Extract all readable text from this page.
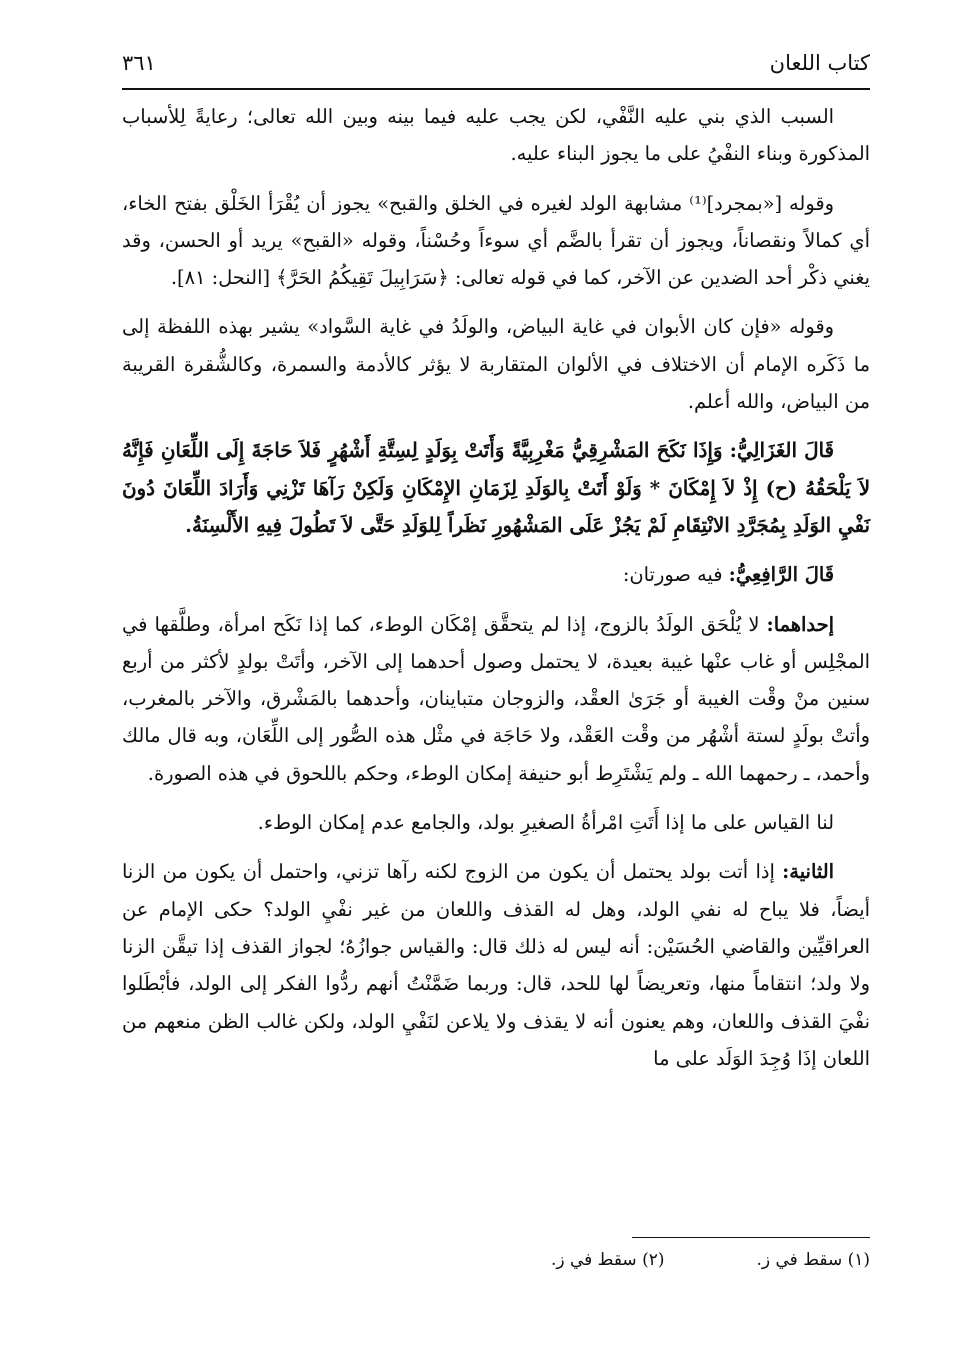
كتاب اللعان
٣٦١

السبب الذي بني عليه النَّفْي، لكن يجب عليه فيما بينه وبين الله تعالى؛ رعايةً لِلأسباب المذكورة وبناء النفْيُ على ما يجوز البناء عليه.

وقوله [«بمجرد]⁽¹⁾ مشابهة الولد لغيره في الخلق والقبح» يجوز أن يُقْرَأ الخَلْق بفتح الخاء، أي كمالاً ونقصاناً، ويجوز أن تقرأ بالضَّم أي سوءاً وحُسْناً، وقوله «القبح» يريد أو الحسن، وقد يغني ذكْر أحد الضدين عن الآخر، كما في قوله تعالى: ﴿سَرَابِيلَ تَقِيكُمُ الحَرَّ﴾ [النحل: ٨١].

وقوله «فإن كان الأبوان في غاية البياض، والولَدُ في غاية السَّواد» يشير بهذه اللفظة إلى ما ذَكَره الإمام أن الاختلاف في الألوان المتقاربة لا يؤثر كالأدمة والسمرة، وكالشُّقرة القريبة من البياض، والله أعلم.

قَالَ الغَزَالِيُّ: وَإِذَا نَكَحَ المَشْرِقِيُّ مَغْرِبِيَّةً وَأَتَتْ بِوَلَدٍ لِسِتَّةِ أَشْهُرٍ فَلاَ حَاجَةَ إِلَى اللِّعَانِ فَإِنَّهُ لاَ يَلْحَقُهُ (ح) إِذْ لاَ إِمْكَانَ * وَلَوْ أَتَتْ بِالوَلَدِ لِزَمَانِ الإِمْكَانِ وَلَكِنْ رَآهَا تَزْنِي وَأَرَادَ اللِّعَانَ دُونَ نَفْيِ الوَلَدِ بِمُجَرَّدِ الانْتِقَامِ لَمْ يَجُزْ عَلَى المَشْهُورِ نَظَراً لِلوَلَدِ حَتَّى لاَ تَطُولَ فِيهِ الأَلْسِنَةُ.

قَالَ الرَّافِعِيُّ: فيه صورتان:

إحداهما: لا يُلْحَق الولَدُ بالزوج، إذا لم يتحقَّق إمْكَان الوطء، كما إذا نَكَح امرأة، وطلَّقها في المجْلِس أو غاب عنْها غيبة بعيدة، لا يحتمل وصول أحدهما إلى الآخر، وأتَتْ بولدٍ لأكثر من أربع سنين منْ وقْت الغيبة أو جَرَىٰ العقْد، والزوجان متباينان، وأحدهما بالمَشْرق، والآخر بالمغرب، وأتتْ بولَدٍ لستة أشْهُر من وقْت العَقْد، ولا حَاجَة في مثْل هذه الصُّور إلى اللِّعَان، وبه قال مالك وأحمد، ـ رحمهما الله ـ ولم يَشْتَرِط أبو حنيفة إمكان الوطء، وحكم باللحوق في هذه الصورة.

لنا القياس على ما إذا أَتَتِ امْرأةُ الصغيرِ بولد، والجامع عدم إمكان الوطء.

الثانية: إذا أتت بولد يحتمل أن يكون من الزوج لكنه رآها تزني، واحتمل أن يكون من الزنا أيضاً، فلا يباح له نفي الولد، وهل له القذف واللعان من غير نفْيِ الولد؟ حكى الإمام عن العراقيِّين والقاضي الحُسَيْن: أنه ليس له ذلك قال: والقياس جوازُهُ؛ لجواز القذف إذا تيقَّن الزنا ولا ولد؛ انتقاماً منها، وتعريضاً لها للحد، قال: وربما ضَمَّنْتُ أنهم ردُّوا الفكر إلى الولد، فأبْطَلوا نفْيَ القذف واللعان، وهم يعنون أنه لا يقذف ولا يلاعن لنَفْيِ الولد، ولكن غالب الظن منعهم من اللعان إذَا وُجِدَ الوَلَد على ما

(١) سقط في ز.
(٢) سقط في ز.
